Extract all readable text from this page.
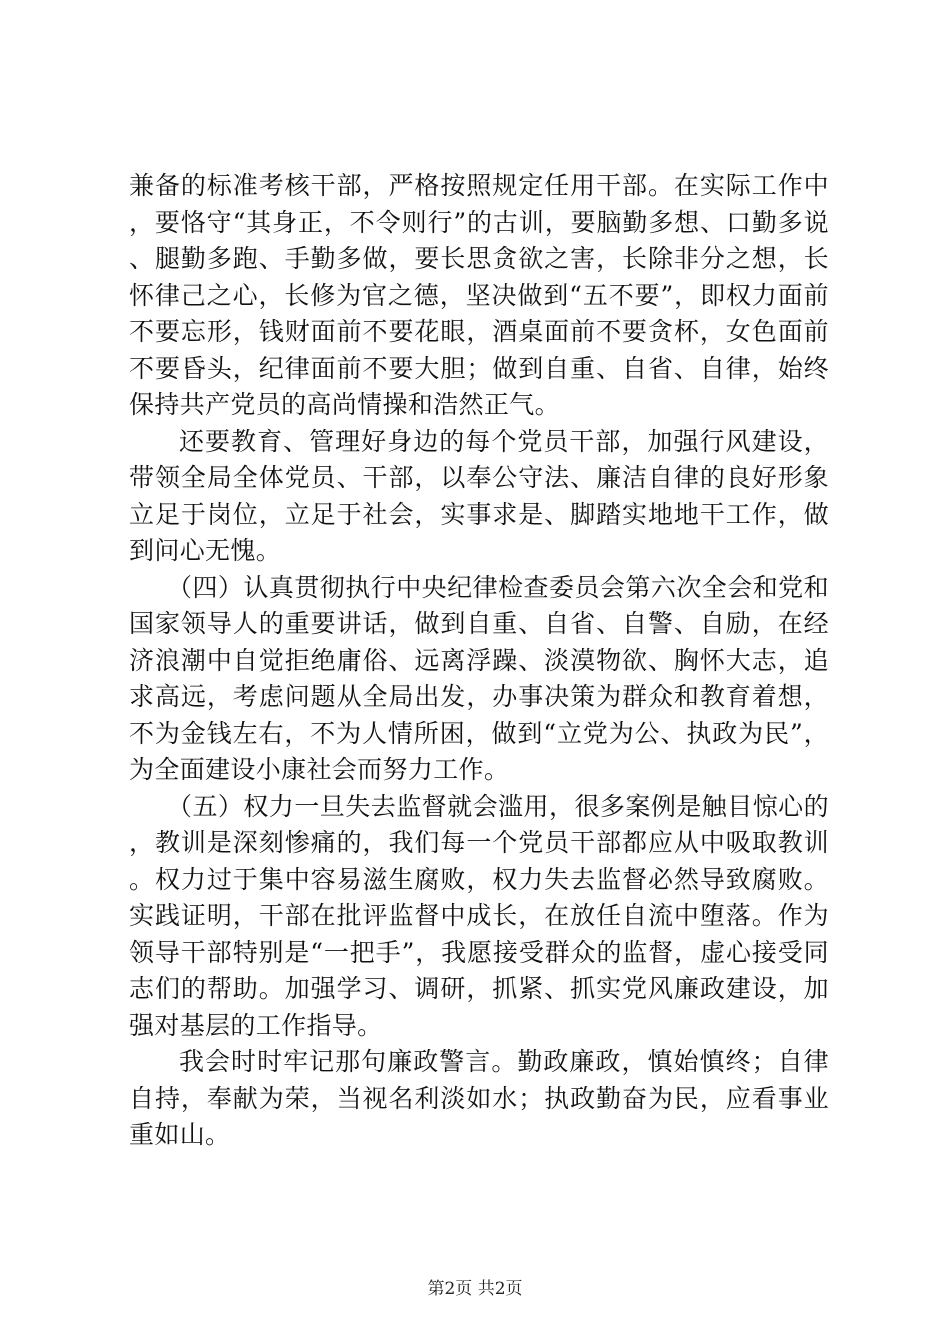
兼备的标准考核干部，严格按照规定任用干部。在实际工作中，要恪守“其身正，不令则行”的古训，要脑勤多想、口勤多说、腿勤多跑、手勤多做，要长思贪欲之害，长除非分之想，长怀律己之心，长修为官之德，坚决做到“五不要”，即权力面前不要忘形，钱财面前不要花眼，酒桌面前不要贪杯，女色面前不要昏头，纪律面前不要大胆；做到自重、自省、自律，始终保持共产党员的高尚情操和浩然正气。

还要教育、管理好身边的每个党员干部，加强行风建设，带领全局全体党员、干部，以奉公守法、廉洁自律的良好形象立足于岗位，立足于社会，实事求是、脚踏实地地干工作，做到问心无愧。

（四）认真贯彻执行中央纪律检查委员会第六次全会和党和国家领导人的重要讲话，做到自重、自省、自警、自励，在经济浪潮中自觉拒绝庸俗、远离浮躁、淡漠物欲、胸怀大志，追求高远，考虑问题从全局出发，办事决策为群众和教育着想，不为金钱左右，不为人情所困，做到“立党为公、执政为民”，为全面建设小康社会而努力工作。

（五）权力一旦失去监督就会滥用，很多案例是触目惊心的，教训是深刻惨痛的，我们每一个党员干部都应从中吸取教训。权力过于集中容易滋生腐败，权力失去监督必然导致腐败。实践证明，干部在批评监督中成长，在放任自流中堕落。作为领导干部特别是“一把手”，我愿接受群众的监督，虚心接受同志们的帮助。加强学习、调研，抓紧、抓实党风廉政建设，加强对基层的工作指导。

我会时时牢记那句廉政警言。勤政廉政，慎始慎终；自律自持，奉献为荣，当视名利淡如水；执政勤奋为民，应看事业重如山。

第2页 共2页
